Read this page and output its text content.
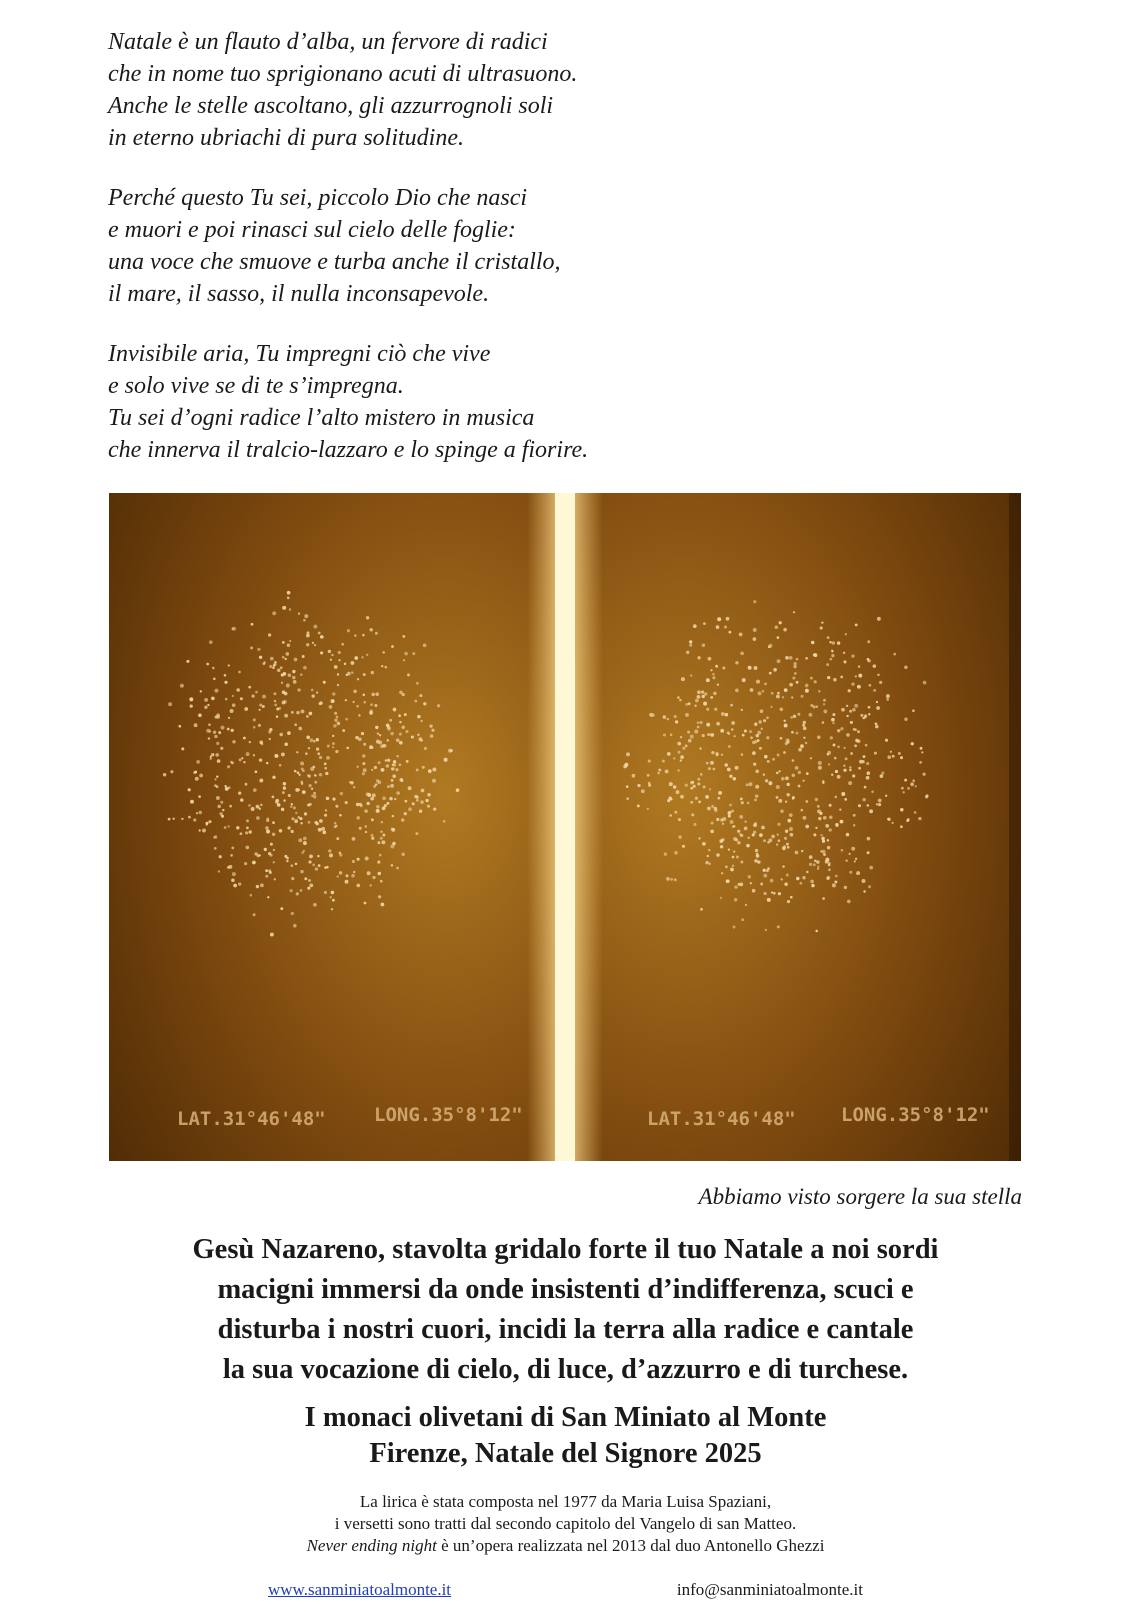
Natale è un flauto d’alba, un fervore di radici
che in nome tuo sprigionano acuti di ultrasuono.
Anche le stelle ascoltano, gli azzurrognoli soli
in eterno ubriachi di pura solitudine.
Perché questo Tu sei, piccolo Dio che nasci
e muori e poi rinasci sul cielo delle foglie:
una voce che smuove e turba anche il cristallo,
il mare, il sasso, il nulla inconsapevole.
Invisibile aria, Tu impregni ciò che vive
e solo vive se di te s’impregna.
Tu sei d’ogni radice l’alto mistero in musica
che innerva il tralcio-lazzaro e lo spinge a fiorire.
LAT.31°46'48"	LONG.35°8'12"	LAT.31°46'48" LONG.35°8'12"
Abbiamo visto sorgere la sua stella
Gesù Nazareno, stavolta gridalo forte il tuo Natale a noi sordi
macigni immersi da onde insistenti d’indifferenza, scuci e
disturba i nostri cuori, incidi la terra alla radice e cantale
la sua vocazione di cielo, di luce, d’azzurro e di turchese.
I monaci olivetani di San Miniato al Monte
Firenze, Natale del Signore 2025
La lirica è stata composta nel 1977 da Maria Luisa Spaziani,
i versetti sono tratti dal secondo capitolo del Vangelo di san Matteo.
Never ending night è un’opera realizzata nel 2013 dal duo Antonello Ghezzi
www.sanminiatoalmonte.it	info@sanminiatoalmonte.it
